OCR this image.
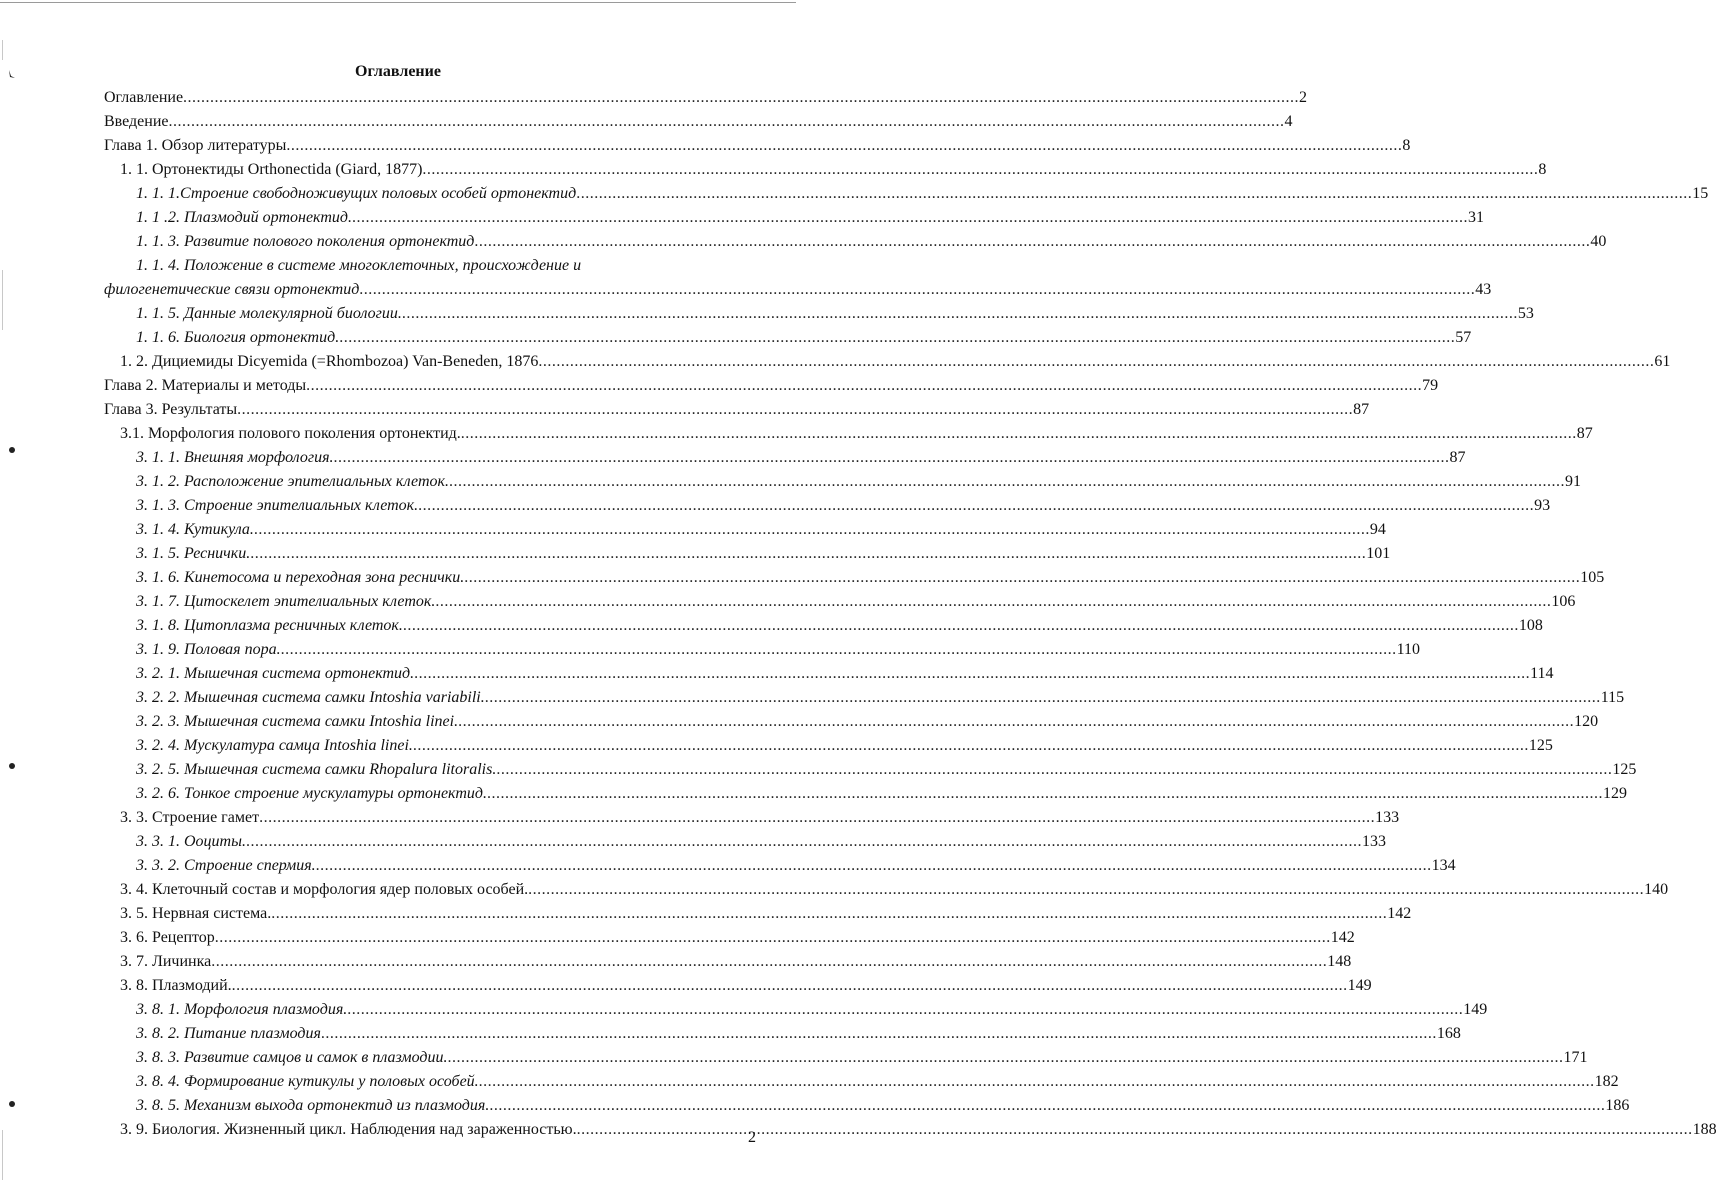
Оглавление
Оглавление .....	2
Введение .....	4
Глава 1. Обзор литературы .....	8
1. 1. Ортонектиды Orthonectida (Giard, 1877) .....	8
1. 1. 1.Строение свободноживущих половых особей ортонектид .....	15
1. 1 .2. Плазмодий ортонектид. .....	31
1. 1. 3. Развитие полового поколения ортонектид .....	40
1. 1. 4. Положение в системе многоклеточных, происхождение и
филогенетические связи ортонектид .....	43
1. 1. 5. Данные молекулярной биологии. .....	53
1. 1. 6. Биология ортонектид. .....	57
1. 2. Дициемиды Dicyemida (=Rhombozoa) Van-Beneden, 1876 .....	61
Глава 2. Материалы и методы .....	79
Глава 3. Результаты .....	87
3.1. Морфология полового поколения ортонектид. .....	87
3. 1. 1. Внешняя морфология. .....	87
3. 1. 2. Расположение эпителиальных клеток. .....	91
3. 1. 3. Строение эпителиальных клеток. .....	93
3. 1. 4. Кутикула. .....	94
3. 1. 5. Реснички. .....	101
3. 1. 6. Кинетосома и переходная зона реснички. .....	105
3. 1. 7. Цитоскелет эпителиальных клеток. .....	106
3. 1. 8. Цитоплазма ресничных клеток. .....	108
3. 1. 9. Половая пора. .....	110
3. 2. 1. Мышечная система ортонектид. .....	114
3. 2. 2. Мышечная система самки Intoshia variabili. .....	115
3. 2. 3. Мышечная система самки Intoshia linei. .....	120
3. 2. 4. Мускулатура самца Intoshia linei. .....	125
3. 2. 5. Мышечная система самки Rhopalura litoralis. .....	125
3. 2. 6. Тонкое строение мускулатуры ортонектид. .....	129
3. 3. Строение гамет .....	133
3. 3. 1. Ооциты. .....	133
3. 3. 2. Строение спермия. .....	134
3. 4. Клеточный состав и морфология ядер половых особей. .....	140
3. 5. Нервная система. .....	142
3. 6. Рецептор .....	142
3. 7. Личинка .....	148
3. 8. Плазмодий. .....	149
3. 8. 1. Морфология плазмодия. .....	149
3. 8. 2. Питание плазмодия .....	168
3. 8. 3. Развитие самцов и самок в плазмодии. .....	171
3. 8. 4. Формирование кутикулы у половых особей. .....	182
3. 8. 5. Механизм выхода ортонектид из плазмодия. .....	186
3. 9. Биология. Жизненный цикл. Наблюдения над зараженностью. .....	188
2
